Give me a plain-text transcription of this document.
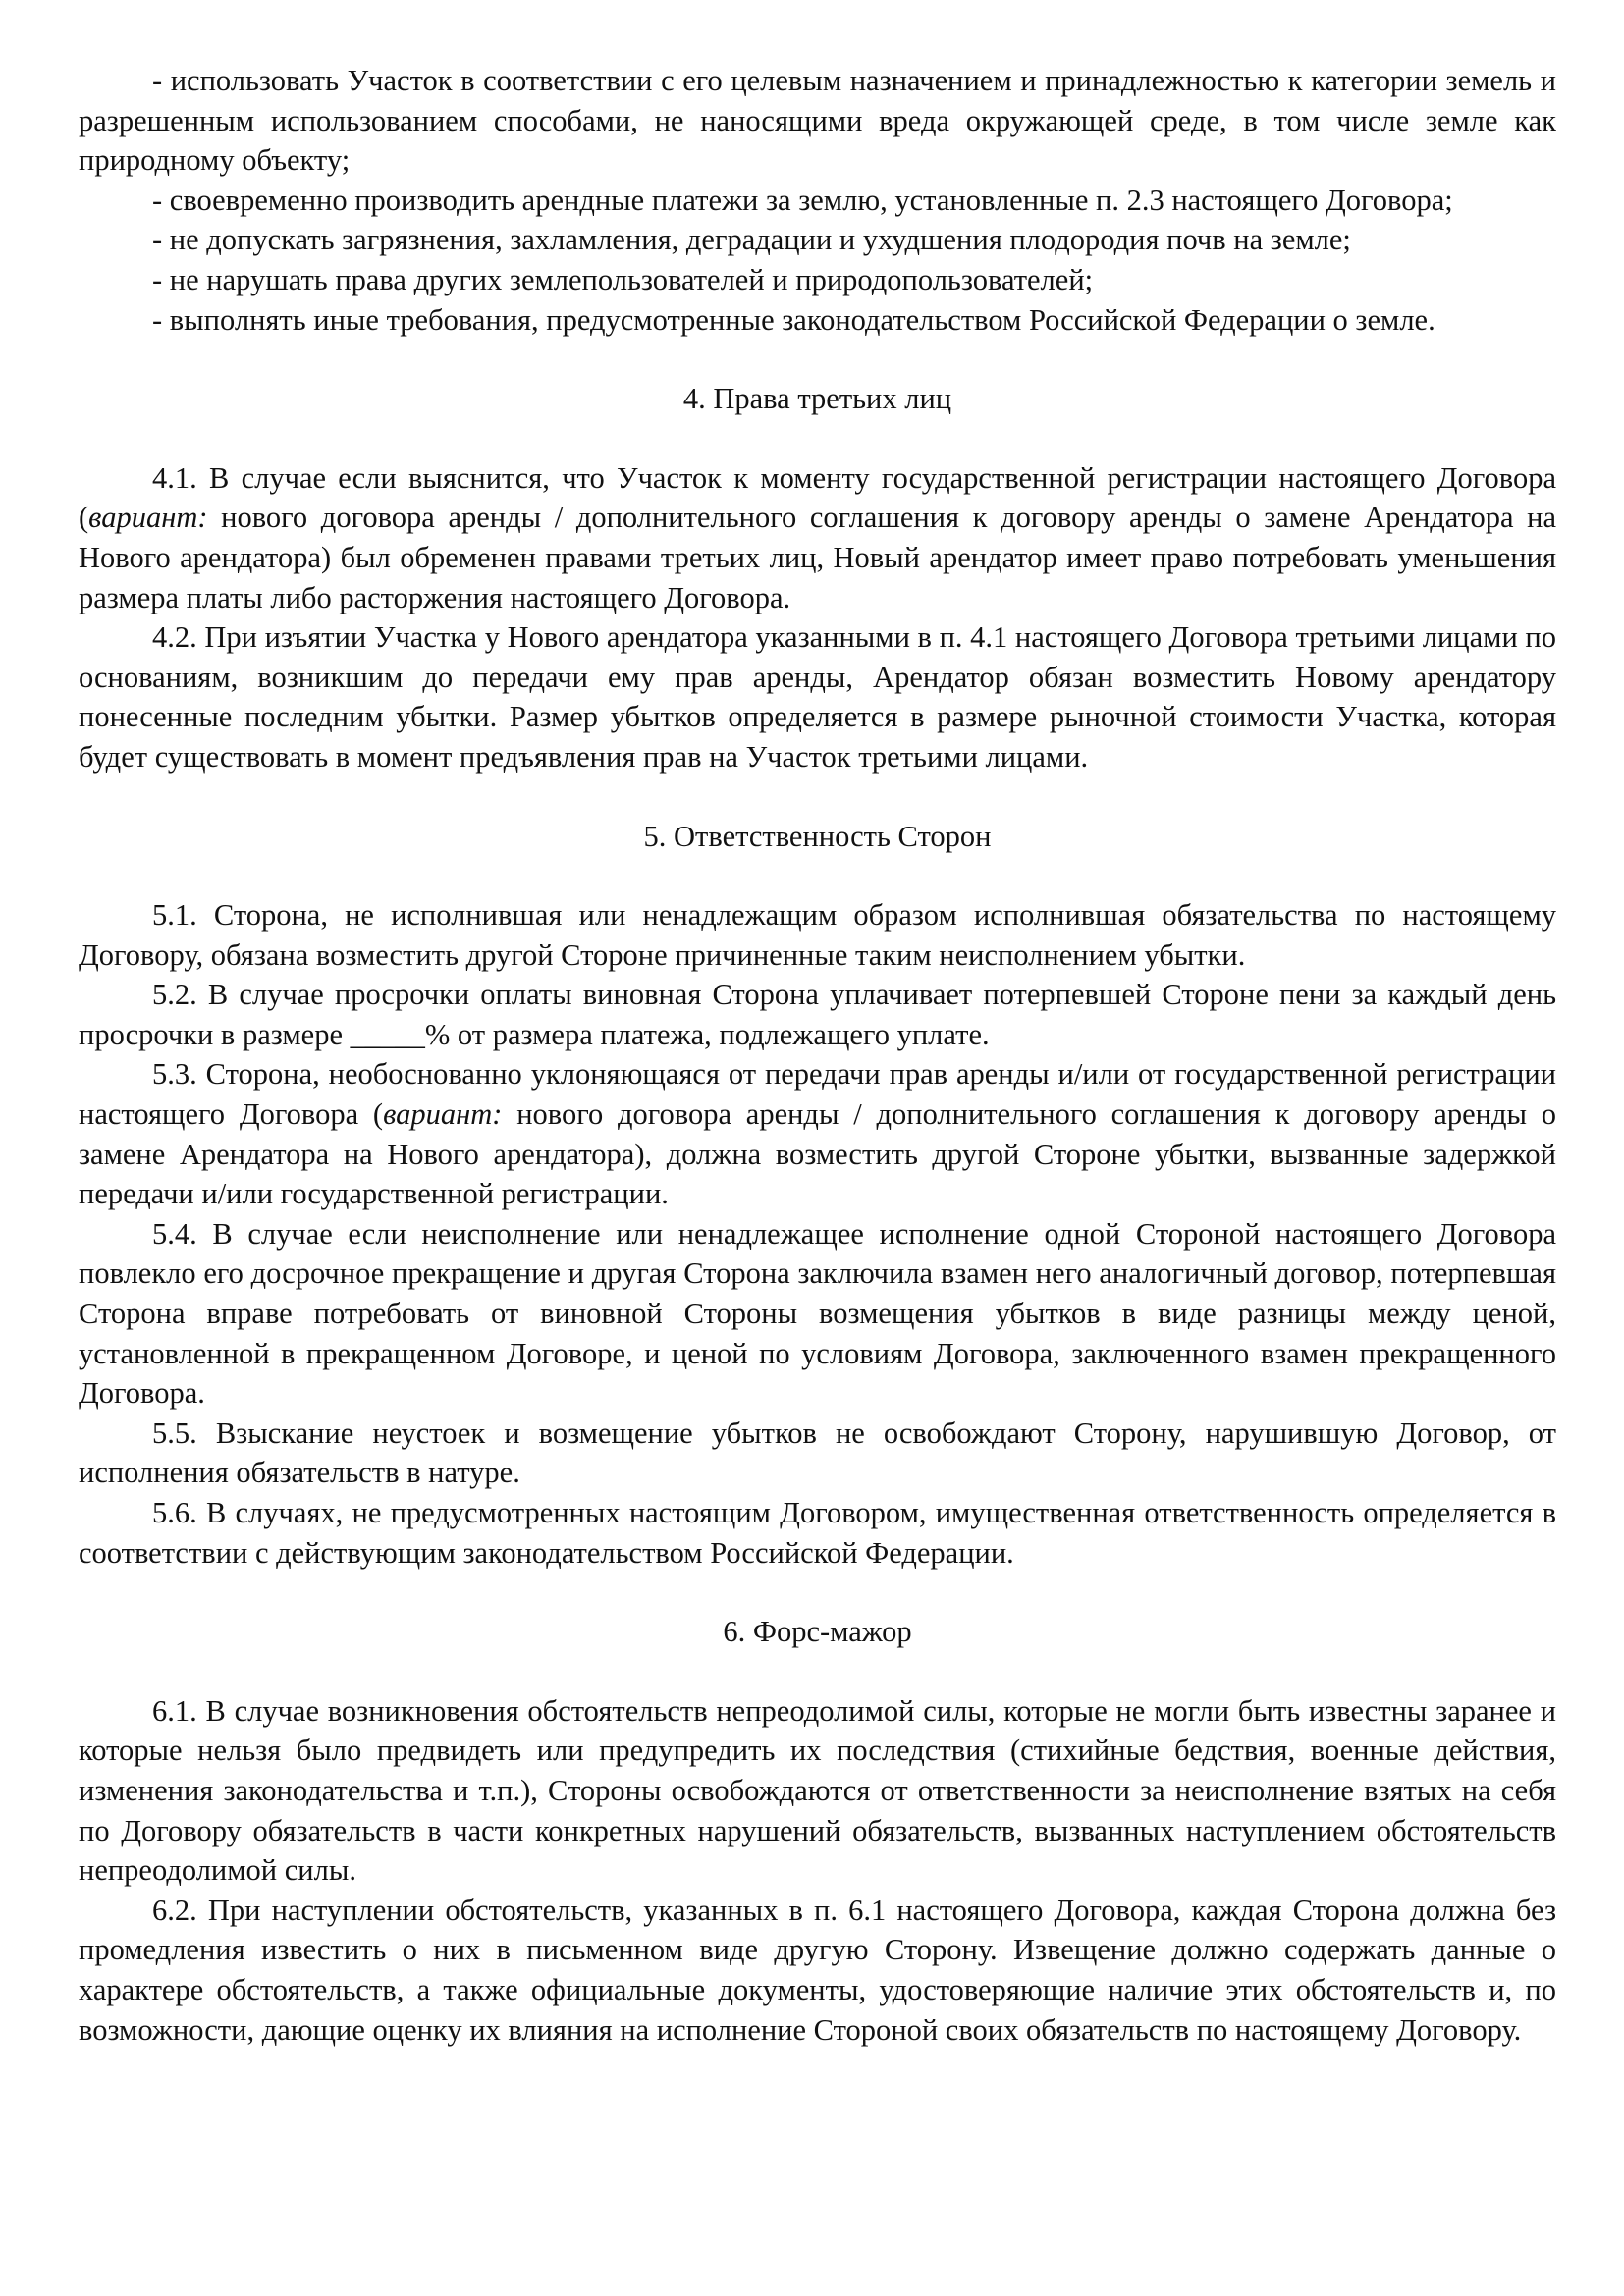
- использовать Участок в соответствии с его целевым назначением и принадлежностью к категории земель и разрешенным использованием способами, не наносящими вреда окружающей среде, в том числе земле как природному объекту;

- своевременно производить арендные платежи за землю, установленные п. 2.3 настоящего Договора;

- не допускать загрязнения, захламления, деградации и ухудшения плодородия почв на земле;

- не нарушать права других землепользователей и природопользователей;

- выполнять иные требования, предусмотренные законодательством Российской Федерации о земле.

4. Права третьих лиц

4.1. В случае если выяснится, что Участок к моменту государственной регистрации настоящего Договора (вариант: нового договора аренды / дополнительного соглашения к договору аренды о замене Арендатора на Нового арендатора) был обременен правами третьих лиц, Новый арендатор имеет право потребовать уменьшения размера платы либо расторжения настоящего Договора.

4.2. При изъятии Участка у Нового арендатора указанными в п. 4.1 настоящего Договора третьими лицами по основаниям, возникшим до передачи ему прав аренды, Арендатор обязан возместить Новому арендатору понесенные последним убытки. Размер убытков определяется в размере рыночной стоимости Участка, которая будет существовать в момент предъявления прав на Участок третьими лицами.

5. Ответственность Сторон

5.1. Сторона, не исполнившая или ненадлежащим образом исполнившая обязательства по настоящему Договору, обязана возместить другой Стороне причиненные таким неисполнением убытки.

5.2. В случае просрочки оплаты виновная Сторона уплачивает потерпевшей Стороне пени за каждый день просрочки в размере _____% от размера платежа, подлежащего уплате.

5.3. Сторона, необоснованно уклоняющаяся от передачи прав аренды и/или от государственной регистрации настоящего Договора (вариант: нового договора аренды / дополнительного соглашения к договору аренды о замене Арендатора на Нового арендатора), должна возместить другой Стороне убытки, вызванные задержкой передачи и/или государственной регистрации.

5.4. В случае если неисполнение или ненадлежащее исполнение одной Стороной настоящего Договора повлекло его досрочное прекращение и другая Сторона заключила взамен него аналогичный договор, потерпевшая Сторона вправе потребовать от виновной Стороны возмещения убытков в виде разницы между ценой, установленной в прекращенном Договоре, и ценой по условиям Договора, заключенного взамен прекращенного Договора.

5.5. Взыскание неустоек и возмещение убытков не освобождают Сторону, нарушившую Договор, от исполнения обязательств в натуре.

5.6. В случаях, не предусмотренных настоящим Договором, имущественная ответственность определяется в соответствии с действующим законодательством Российской Федерации.

6. Форс-мажор

6.1. В случае возникновения обстоятельств непреодолимой силы, которые не могли быть известны заранее и которые нельзя было предвидеть или предупредить их последствия (стихийные бедствия, военные действия, изменения законодательства и т.п.), Стороны освобождаются от ответственности за неисполнение взятых на себя по Договору обязательств в части конкретных нарушений обязательств, вызванных наступлением обстоятельств непреодолимой силы.

6.2. При наступлении обстоятельств, указанных в п. 6.1 настоящего Договора, каждая Сторона должна без промедления известить о них в письменном виде другую Сторону. Извещение должно содержать данные о характере обстоятельств, а также официальные документы, удостоверяющие наличие этих обстоятельств и, по возможности, дающие оценку их влияния на исполнение Стороной своих обязательств по настоящему Договору.
